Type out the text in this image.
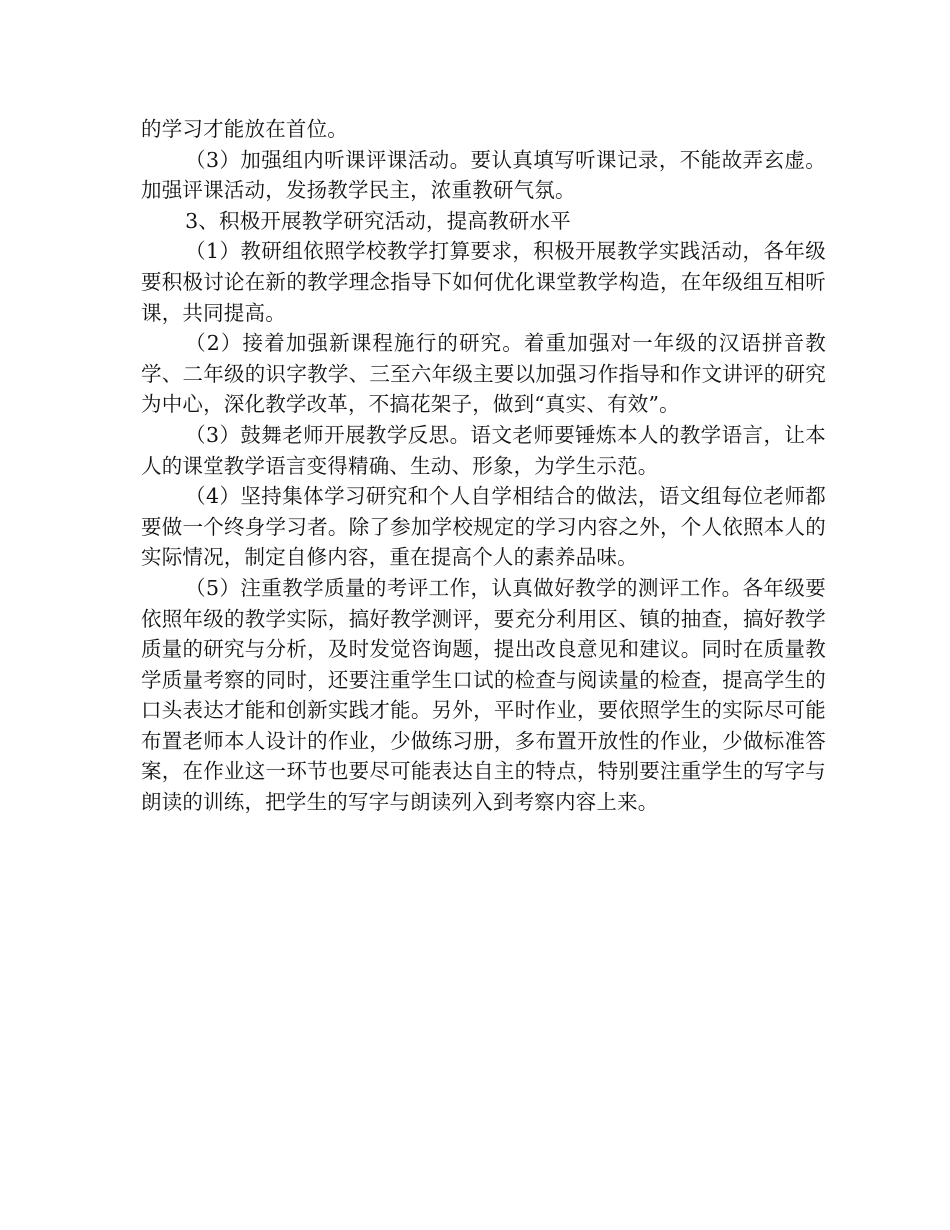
的学习才能放在首位。

（3）加强组内听课评课活动。要认真填写听课记录，不能故弄玄虚。加强评课活动，发扬教学民主，浓重教研气氛。

3、积极开展教学研究活动，提高教研水平

（1）教研组依照学校教学打算要求，积极开展教学实践活动，各年级要积极讨论在新的教学理念指导下如何优化课堂教学构造，在年级组互相听课，共同提高。

（2）接着加强新课程施行的研究。着重加强对一年级的汉语拼音教学、二年级的识字教学、三至六年级主要以加强习作指导和作文讲评的研究为中心，深化教学改革，不搞花架子，做到“真实、有效”。

（3）鼓舞老师开展教学反思。语文老师要锤炼本人的教学语言，让本人的课堂教学语言变得精确、生动、形象，为学生示范。

（4）坚持集体学习研究和个人自学相结合的做法，语文组每位老师都要做一个终身学习者。除了参加学校规定的学习内容之外，个人依照本人的实际情况，制定自修内容，重在提高个人的素养品味。

（5）注重教学质量的考评工作，认真做好教学的测评工作。各年级要依照年级的教学实际，搞好教学测评，要充分利用区、镇的抽查，搞好教学质量的研究与分析，及时发觉咨询题，提出改良意见和建议。同时在质量教学质量考察的同时，还要注重学生口试的检查与阅读量的检查，提高学生的口头表达才能和创新实践才能。另外，平时作业，要依照学生的实际尽可能布置老师本人设计的作业，少做练习册，多布置开放性的作业，少做标准答案，在作业这一环节也要尽可能表达自主的特点，特别要注重学生的写字与朗读的训练，把学生的写字与朗读列入到考察内容上来。
